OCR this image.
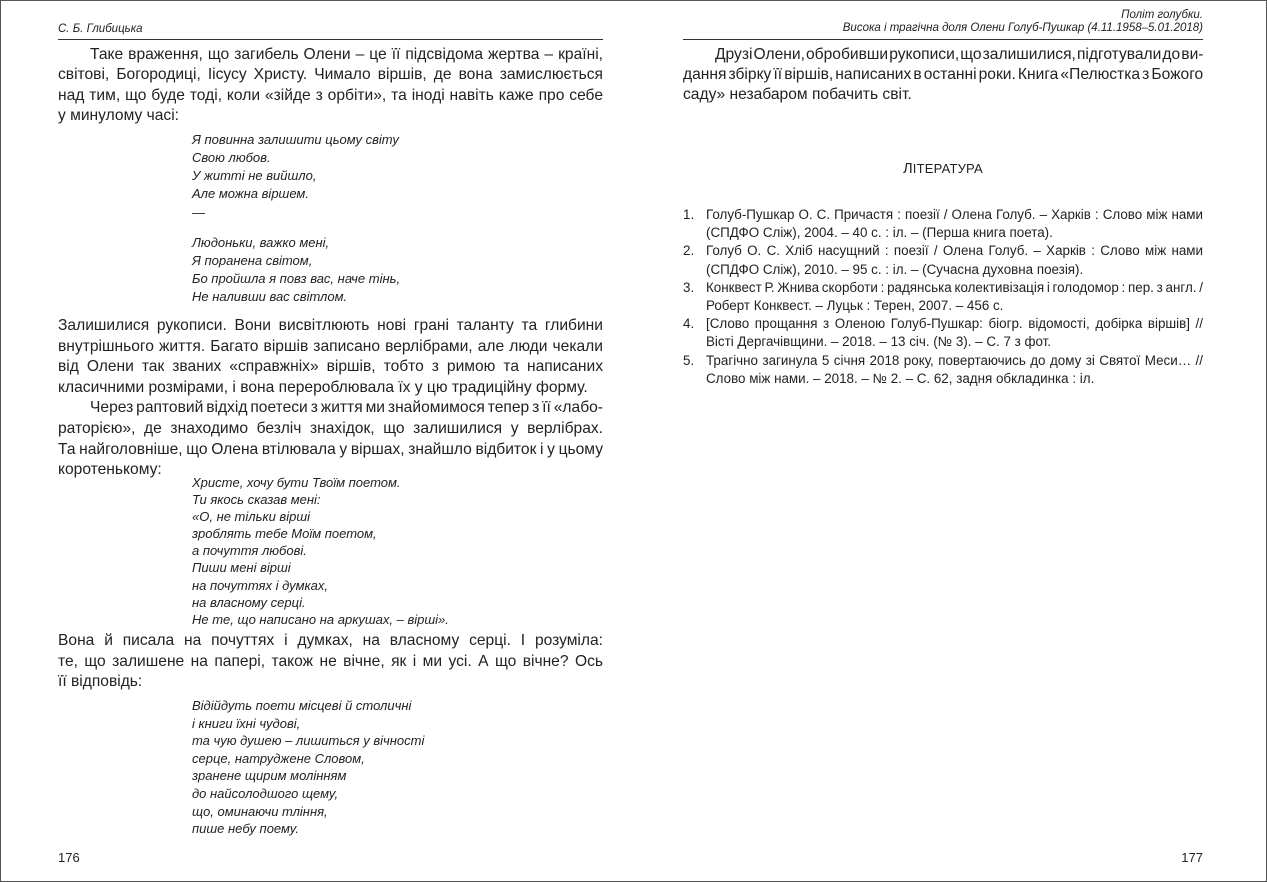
С. Б. Глибицька
Таке враження, що загибель Олени – це її підсвідома жертва – країні,
світові, Богородиці, Іісусу Христу. Чимало віршів, де вона замислюється
над тим, що буде тоді, коли «зійде з орбіти», та іноді навіть каже про себе
у минулому часі:
Я повинна залишити цьому світу
Свою любов.
У житті не вийшло,
Але можна віршем.
—
Людоньки, важко мені,
Я поранена світом,
Бо пройшла я повз вас, наче тінь,
Не наливши вас світлом.
Залишилися рукописи. Вони висвітлюють нові грані таланту та глибини
внутрішнього життя. Багато віршів записано верлібрами, але люди чекали
від Олени так званих «справжніх» віршів, тобто з римою та написаних
класичними розмірами, і вона перероблювала їх у цю традиційну форму.
Через раптовий відхід поетеси з життя ми знайомимося тепер з її «лабо-
раторією», де знаходимо безліч знахідок, що залишилися у верлібрах.
Та найголовніше, що Олена втілювала у віршах, знайшло відбиток і у цьому
коротенькому:
Христе, хочу бути Твоїм поетом.
Ти якось сказав мені:
«О, не тільки вірші
зроблять тебе Моїм поетом,
а почуття любові.
Пиши мені вірші
на почуттях і думках,
на власному серці.
Не те, що написано на аркушах, – вірші».
Вона й писала на почуттях і думках, на власному серці. І розуміла:
те, що залишене на папері, також не вічне, як і ми усі. А що вічне? Ось
її відповідь:
Відійдуть поети місцеві й столичні
і книги їхні чудові,
та чую душею – лишиться у вічності
серце, натруджене Словом,
зранене щирим молінням
до найсолодшого щему,
що, оминаючи тління,
пише небу поему.
176
Політ голубки.
Висока і трагічна доля Олени Голуб-Пушкар (4.11.1958–5.01.2018)
Друзі Олени, обробивши рукописи, що залишилися, підготували до ви-
дання збірку її віршів, написаних в останні роки. Книга «Пелюстка з Божого
саду» незабаром побачить світ.
ЛІТЕРАТУРА
1. Голуб-Пушкар О. С. Причастя : поезії / Олена Голуб. – Харків : Слово між нами
(СПДФО Сліж), 2004. – 40 с. : іл. – (Перша книга поета).
2. Голуб О. С. Хліб насущний : поезії / Олена Голуб. – Харків : Слово між нами
(СПДФО Сліж), 2010. – 95 с. : іл. – (Сучасна духовна поезія).
3. Конквест Р. Жнива скорботи : радянська колективізація і голодомор : пер. з англ. /
Роберт Конквест. – Луцьк : Терен, 2007. – 456 с.
4. [Слово прощання з Оленою Голуб-Пушкар: біогр. відомості, добірка віршів] //
Вісті Дергачівщини. – 2018. – 13 січ. (№ 3). – С. 7 з фот.
5. Трагічно загинула 5 січня 2018 року, повертаючись до дому зі Святої Меси… //
Слово між нами. – 2018. – № 2. – С. 62, задня обкладинка : іл.
177
